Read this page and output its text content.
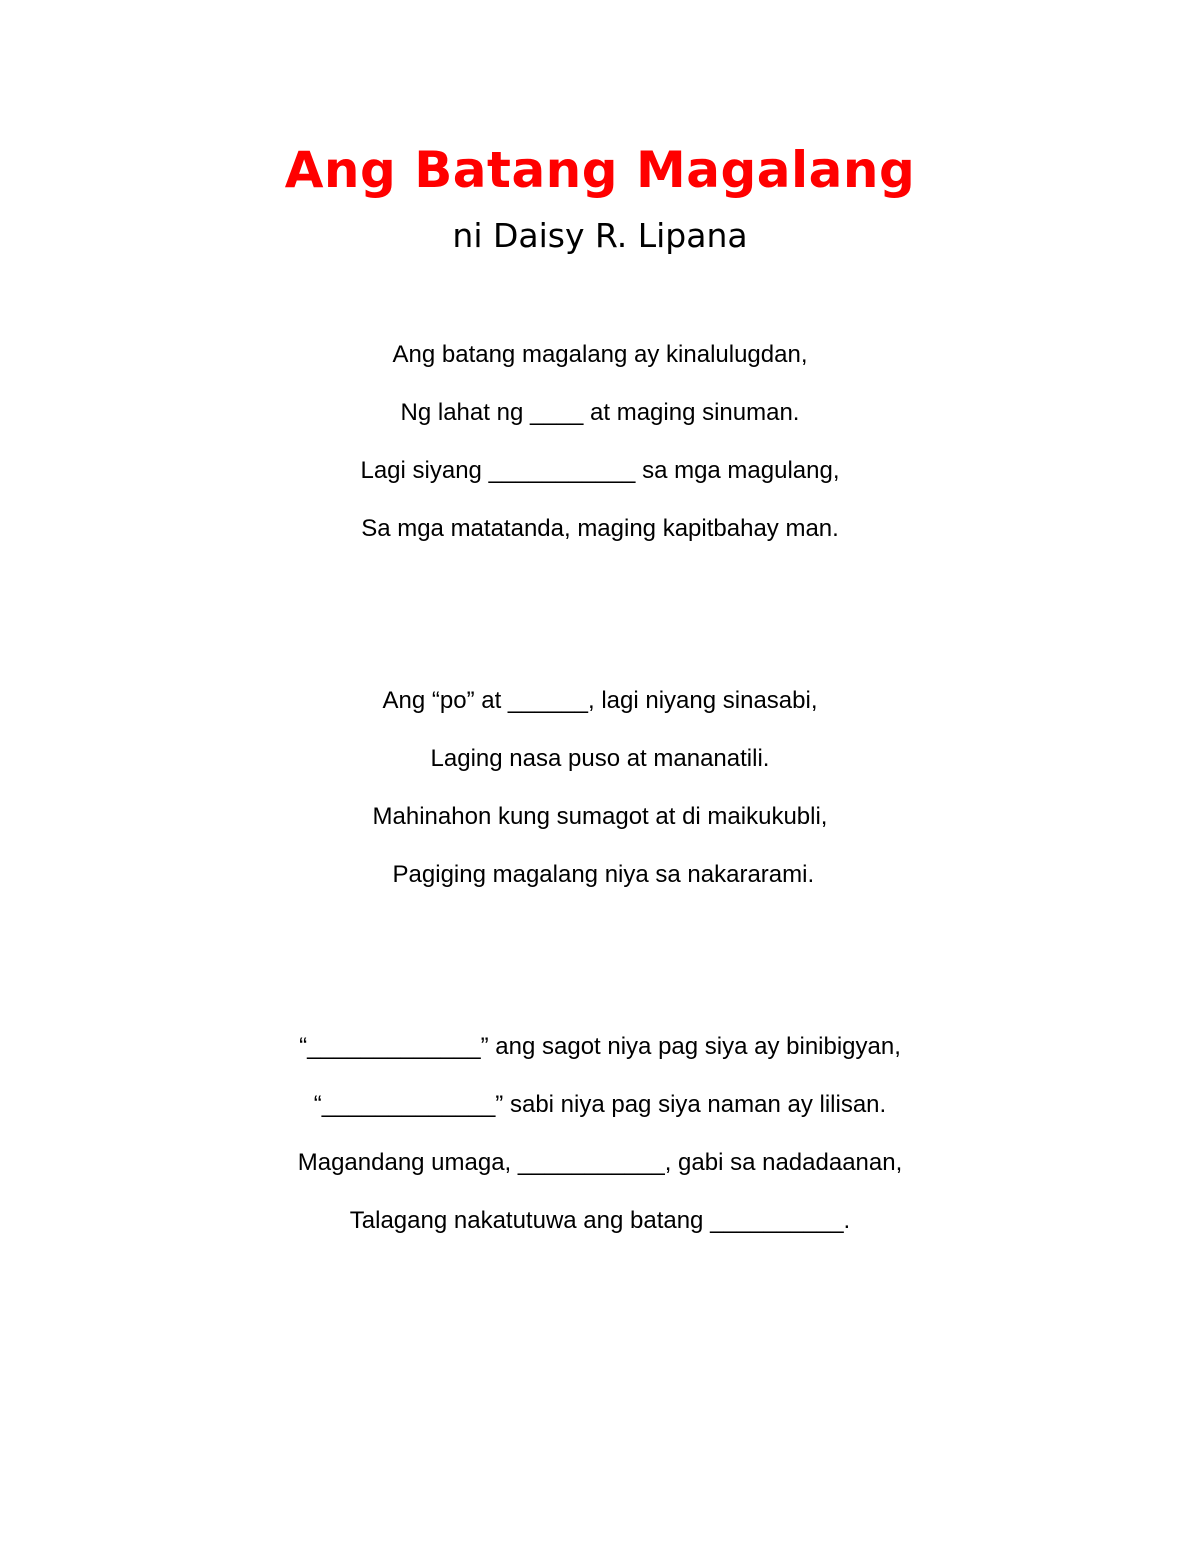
Ang Batang Magalang

ni Daisy R. Lipana

Ang batang magalang ay kinalulugdan,
Ng lahat ng ____ at maging sinuman.
Lagi siyang ___________ sa mga magulang,
Sa mga matatanda, maging kapitbahay man.
Ang “po” at ______, lagi niyang sinasabi,
Laging nasa puso at mananatili.
Mahinahon kung sumagot at di maikukubli,
Pagiging magalang niya sa nakararami.
“_____________” ang sagot niya pag siya ay binibigyan,
“_____________” sabi niya pag siya naman ay lilisan.
Magandang umaga, ___________, gabi sa nadadaanan,
Talagang nakatutuwa ang batang __________.
